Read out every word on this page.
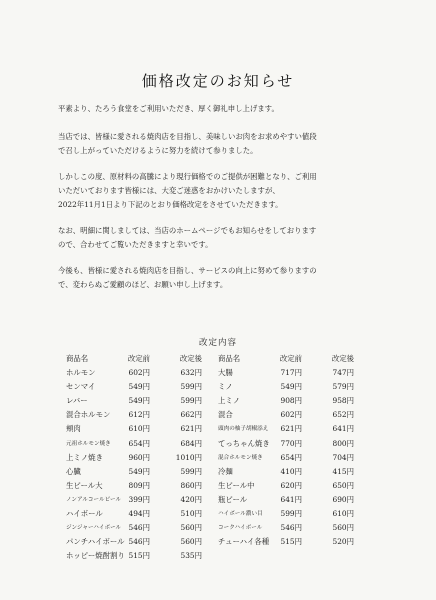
価格改定のお知らせ
平素より、たろう食堂をご利用いただき、厚く御礼申し上げます。
当店では、皆様に愛される焼肉店を目指し、美味しいお肉をお求めやすい値段
で召し上がっていただけるように努力を続けて参りました。
しかしこの度、原材料の高騰により現行価格でのご提供が困難となり、ご利用
いただいております皆様には、大変ご迷惑をおかけいたしますが、
2022年11月1日より下記のとおり価格改定をさせていただきます。
なお、明細に関しましては、当店のホームページでもお知らせをしております
ので、合わせてご覧いただきますと幸いです。
今後も、皆様に愛される焼肉店を目指し、サービスの向上に努めて参りますの
で、変わらぬご愛顧のほど、お願い申し上げます。
改定内容
商品名	改定前	改定後
ホルモン	602円	632円
センマイ	549円	599円
レバー	549円	599円
混合ホルモン	612円	662円
頬肉	610円	621円
元祖ホルモン焼き	654円	684円
上ミノ焼き	960円	1010円
心臓	549円	599円
生ビール大	809円	860円
ノンアルコールビール	399円	420円
ハイボール	494円	510円
ジンジャーハイボール 546円	560円
パンチハイボール 546円	560円
ホッピー焼酎割り 515円	535円
商品名	改定前	改定後
大腸	717円	747円
ミノ	549円	579円
上ミノ	908円	958円
混合	602円	652円
頭肉の柚子胡椒添え	621円	641円
てっちゃん焼き	770円	800円
混合ホルモン焼き	654円	704円
冷麺	410円	415円
生ビール中	620円	650円
瓶ビール	641円	690円
ハイボール濃い目	599円	610円
コークハイボール	546円	560円
チューハイ各種	515円	520円
